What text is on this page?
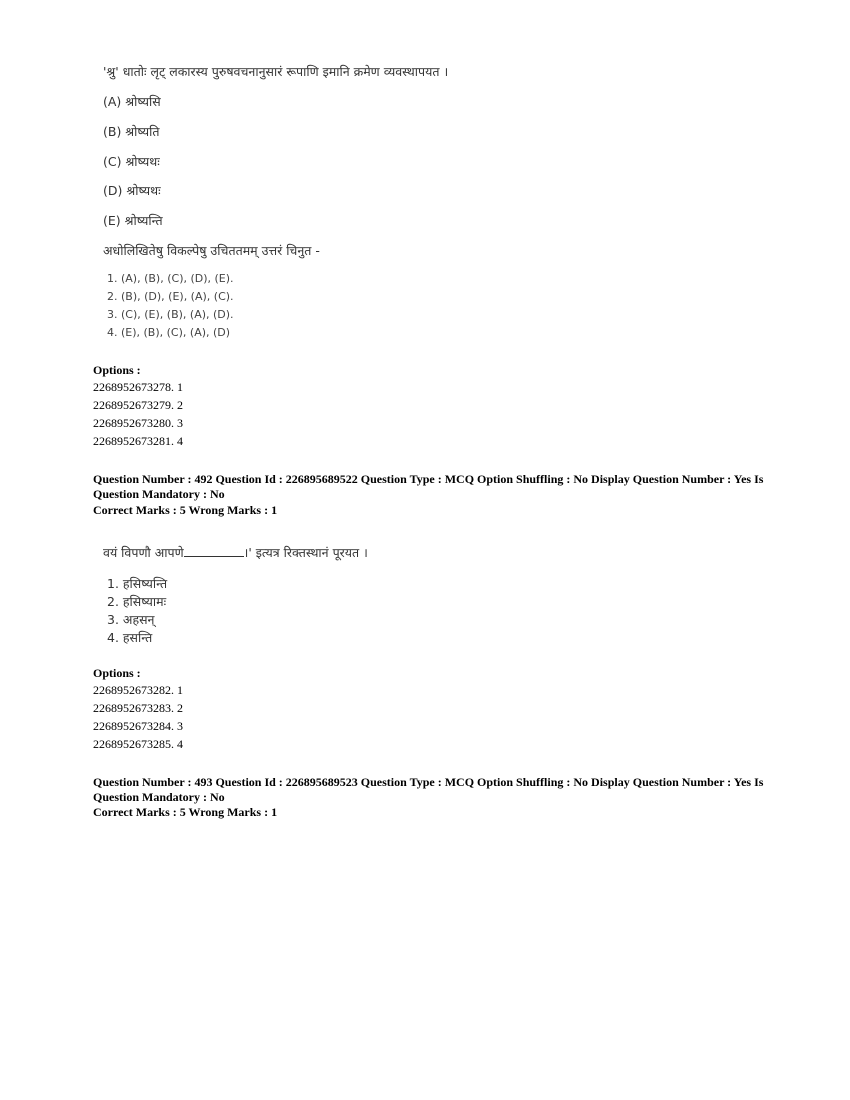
'श्रु' धातोः लृट् लकारस्य पुरुषवचनानुसारं रूपाणि इमानि क्रमेण व्यवस्थापयत ।
(A) श्रोष्यसि
(B) श्रोष्यति
(C) श्रोष्यथः
(D) श्रोष्यथः
(E) श्रोष्यन्ति
अधोलिखितेषु विकल्पेषु उचिततमम् उत्तरं चिनुत -
1. (A), (B), (C), (D), (E).
2. (B), (D), (E), (A), (C).
3. (C), (E), (B), (A), (D).
4. (E), (B), (C), (A), (D)
Options :
2268952673278. 1
2268952673279. 2
2268952673280. 3
2268952673281. 4
Question Number : 492 Question Id : 226895689522 Question Type : MCQ Option Shuffling : No Display Question Number : Yes Is
Question Mandatory : No
Correct Marks : 5 Wrong Marks : 1
वयं विपणौ आपणे	।' इत्यत्र रिक्तस्थानं पूरयत ।
1. हसिष्यन्ति
2. हसिष्यामः
3. अहसन्
4. हसन्ति
Options :
2268952673282. 1
2268952673283. 2
2268952673284. 3
2268952673285. 4
Question Number : 493 Question Id : 226895689523 Question Type : MCQ Option Shuffling : No Display Question Number : Yes Is
Question Mandatory : No
Correct Marks : 5 Wrong Marks : 1
